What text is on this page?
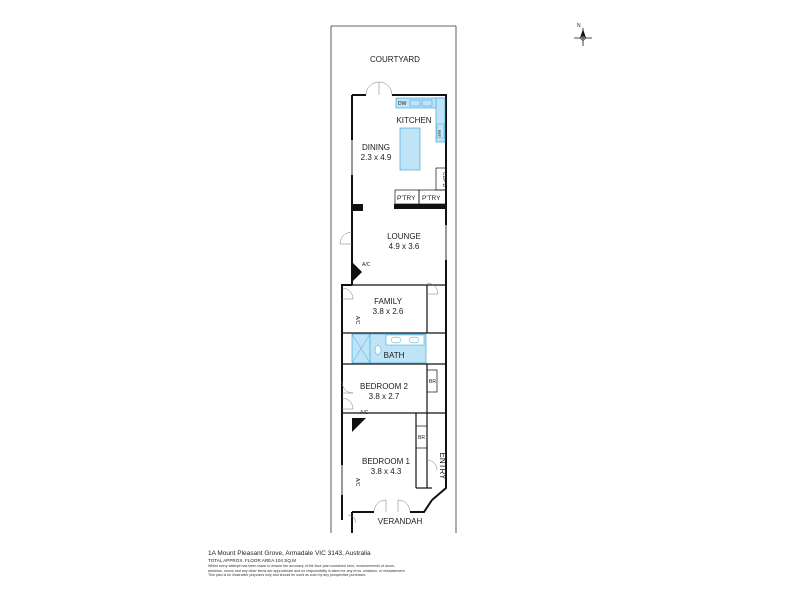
N
COURTYARD
KITCHEN
DINING
2.3 x 4.9
LOUNGE
4.9 x 3.6
FAMILY
3.8 x 2.6
BATH
BEDROOM 2
3.8 x 2.7
BEDROOM 1
3.8 x 4.3
VERANDAH
ENTRY
DW
P'TRY P'TRY
CUP'D
A/C
A/C
A/C
A/C
BR
BR
REF
1A Mount Pleasant Grove, Armadale VIC 3143, Australia
TOTAL APPROX. FLOOR AREA 104 SQ.M
Whilst every attempt has been made to ensure the accuracy of the floor plan contained here, measurements of doors,
windows, rooms and any other items are approximate and no responsibility is taken for any error, omission, or misstatement.
This plan is for illustrative purposes only and should be used as such by any prospective purchaser.
